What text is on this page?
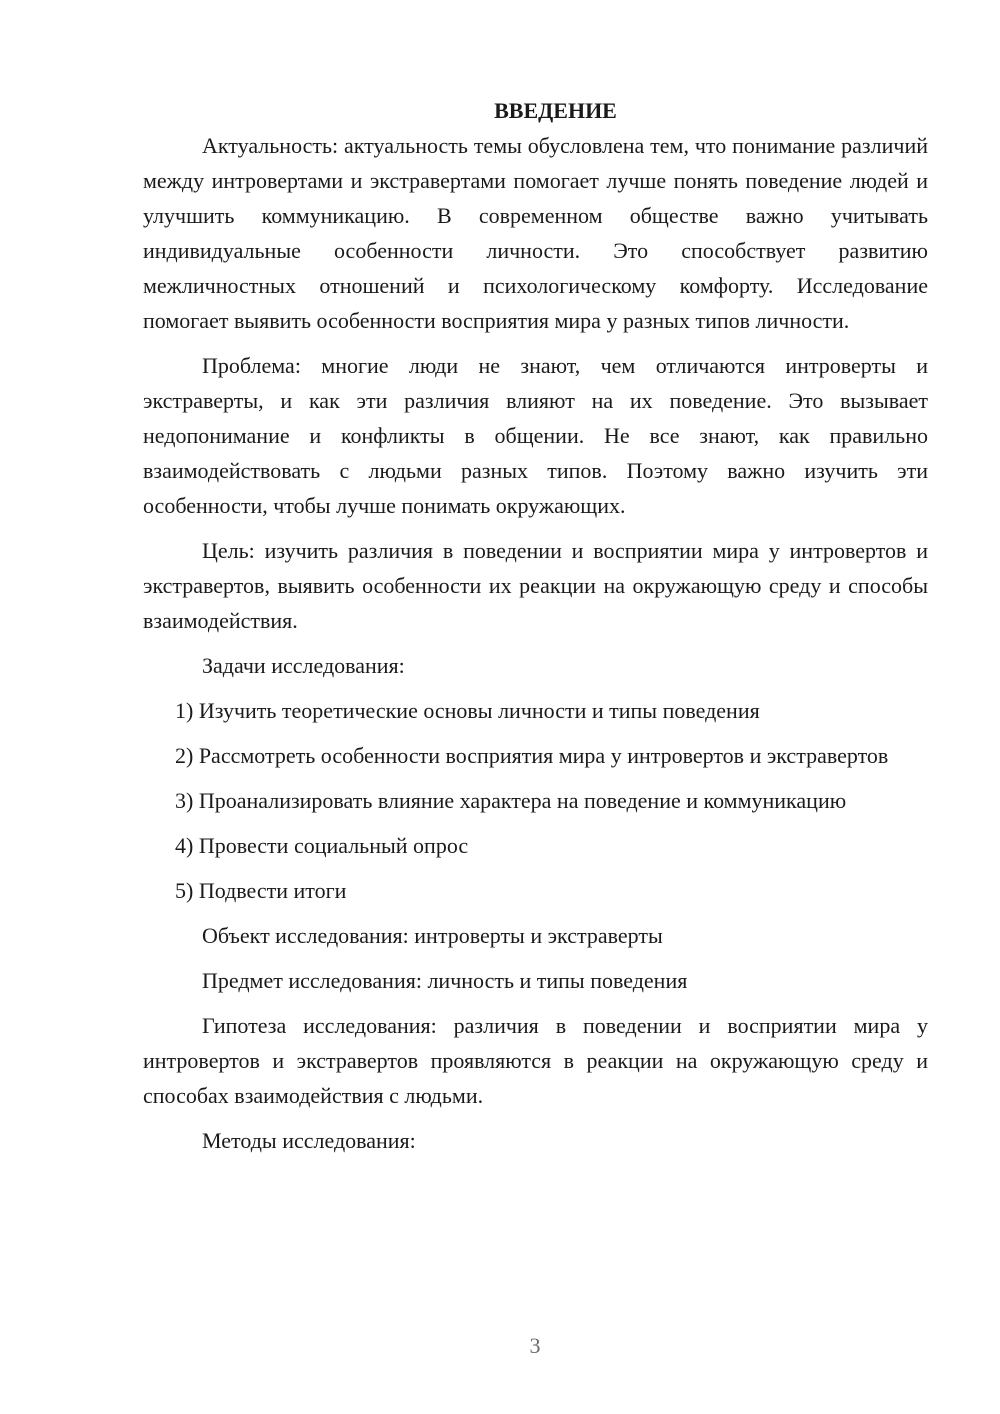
ВВЕДЕНИЕ

Актуальность: актуальность темы обусловлена тем, что понимание различий между интровертами и экстравертами помогает лучше понять поведение людей и улучшить коммуникацию. В современном обществе важно учитывать индивидуальные особенности личности. Это способствует развитию межличностных отношений и психологическому комфорту. Исследование помогает выявить особенности восприятия мира у разных типов личности.

Проблема: многие люди не знают, чем отличаются интроверты и экстраверты, и как эти различия влияют на их поведение. Это вызывает недопонимание и конфликты в общении. Не все знают, как правильно взаимодействовать с людьми разных типов. Поэтому важно изучить эти особенности, чтобы лучше понимать окружающих.

Цель: изучить различия в поведении и восприятии мира у интровертов и экстравертов, выявить особенности их реакции на окружающую среду и способы взаимодействия.

Задачи исследования:

1) Изучить теоретические основы личности и типы поведения

2) Рассмотреть особенности восприятия мира у интровертов и экстравертов

3) Проанализировать влияние характера на поведение и коммуникацию

4) Провести социальный опрос

5) Подвести итоги

Объект исследования: интроверты и экстраверты

Предмет исследования: личность и типы поведения

Гипотеза исследования: различия в поведении и восприятии мира у интровертов и экстравертов проявляются в реакции на окружающую среду и способах взаимодействия с людьми.

Методы исследования:

3
